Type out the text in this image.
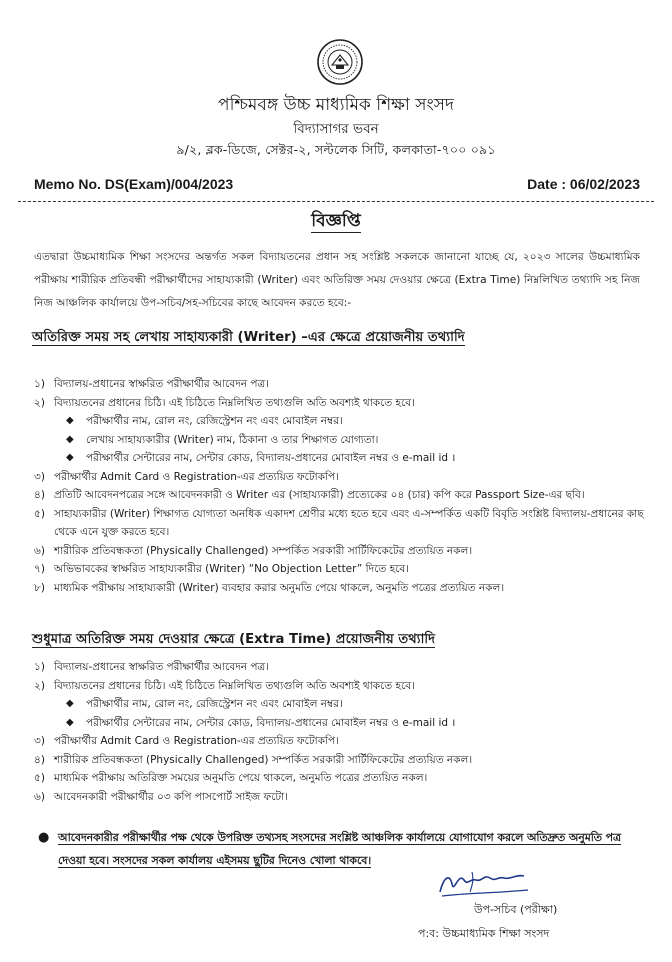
পশ্চিমবঙ্গ উচ্চ মাধ্যমিক শিক্ষা সংসদ
বিদ্যাসাগর ভবন
৯/২, ব্লক-ডিজে, সেক্টর-২, সল্টলেক সিটি, কলকাতা-৭০০ ০৯১
Memo No. DS(Exam)/004/2023	Date : 06/02/2023
বিজ্ঞপ্তি
এতদ্বারা উচ্চমাধ্যমিক শিক্ষা সংসদের অন্তর্গত সকল বিদ্যায়তনের প্রধান সহ সংশ্লিষ্ট সকলকে জানানো যাচ্ছে যে, ২০২৩ সালের উচ্চমাধ্যমিক পরীক্ষায় শারীরিক প্রতিবন্ধী পরীক্ষার্থীদের সাহায্যকারী (Writer) এবং অতিরিক্ত সময় দেওয়ার ক্ষেত্রে (Extra Time) নিম্নলিখিত তথ্যাদি সহ নিজ নিজ আঞ্চলিক কার্যালয়ে উপ-সচিব/সহ-সচিবের কাছে আবেদন করতে হবে:-
অতিরিক্ত সময় সহ লেখায় সাহায্যকারী (Writer) –এর ক্ষেত্রে প্রয়োজনীয় তথ্যাদি
১) বিদ্যালয়-প্রধানের স্বাক্ষরিত পরীক্ষার্থীর আবেদন পত্র।
২) বিদ্যায়তনের প্রধানের চিঠি। এই চিঠিতে নিম্নলিখিত তথ্যগুলি অতি অবশ্যই থাকতে হবে।
◆ পরীক্ষার্থীর নাম, রোল নং, রেজিস্ট্রেশন নং এবং মোবাইল নম্বর।
◆ লেখায় সাহায্যকারীর (Writer) নাম, ঠিকানা ও তার শিক্ষাগত যোগ্যতা।
◆ পরীক্ষার্থীর সেন্টারের নাম, সেন্টার কোড, বিদ্যালয়-প্রধানের মোবাইল নম্বর ও e-mail id ।
৩) পরীক্ষার্থীর Admit Card ও Registration-এর প্রত্যয়িত ফটোকপি।
৪) প্রতিটি আবেদনপত্রের সঙ্গে আবেদনকারী ও Writer এর (সাহায্যকারী) প্রত্যেকের ০৪ (চার) কপি করে Passport Size-এর ছবি।
৫) সাহায্যকারীর (Writer) শিক্ষাগত যোগ্যতা অনধিক একাদশ শ্রেণীর মধ্যে হতে হবে এবং এ-সম্পর্কিত একটি বিবৃতি সংশ্লিষ্ট বিদ্যালয়-প্রধানের কাছ থেকে এনে যুক্ত করতে হবে।
৬) শারীরিক প্রতিবন্ধকতা (Physically Challenged) সম্পর্কিত সরকারী সার্টিফিকেটের প্রত্যয়িত নকল।
৭) অভিভাবকের স্বাক্ষরিত সাহায্যকারীর (Writer) “No Objection Letter” দিতে হবে।
৮) মাধ্যমিক পরীক্ষায় সাহায্যকারী (Writer) ব্যবহার করার অনুমতি পেয়ে থাকলে, অনুমতি পত্রের প্রত্যয়িত নকল।
শুধুমাত্র অতিরিক্ত সময় দেওয়ার ক্ষেত্রে (Extra Time) প্রয়োজনীয় তথ্যাদি
১) বিদ্যালয়-প্রধানের স্বাক্ষরিত পরীক্ষার্থীর আবেদন পত্র।
২) বিদ্যায়তনের প্রধানের চিঠি। এই চিঠিতে নিম্নলিখিত তথ্যগুলি অতি অবশ্যই থাকতে হবে।
◆ পরীক্ষার্থীর নাম, রোল নং, রেজিস্ট্রেশন নং এবং মোবাইল নম্বর।
◆ পরীক্ষার্থীর সেন্টারের নাম, সেন্টার কোড, বিদ্যালয়-প্রধানের মোবাইল নম্বর ও e-mail id ।
৩) পরীক্ষার্থীর Admit Card ও Registration-এর প্রত্যয়িত ফটোকপি।
৪) শারীরিক প্রতিবন্ধকতা (Physically Challenged) সম্পর্কিত সরকারী সার্টিফিকেটের প্রত্যয়িত নকল।
৫) মাধ্যমিক পরীক্ষায় অতিরিক্ত সময়ের অনুমতি পেয়ে থাকলে, অনুমতি পত্রের প্রত্যয়িত নকল।
৬) আবেদনকারী পরীক্ষার্থীর ০৩ কপি পাসপোর্ট সাইজ ফটো।
● আবেদনকারীর পরীক্ষার্থীর পক্ষ থেকে উপরিক্ত তথ্যসহ সংসদের সংশ্লিষ্ট আঞ্চলিক কার্যালয়ে যোগাযোগ করলে অতিদ্রুত অনুমতি পত্র দেওয়া হবে। সংসদের সকল কার্যালয় এইসময় ছুটির দিনেও খোলা থাকবে।
উপ-সচিব (পরীক্ষা)
প:ব: উচ্চমাধ্যমিক শিক্ষা সংসদ
